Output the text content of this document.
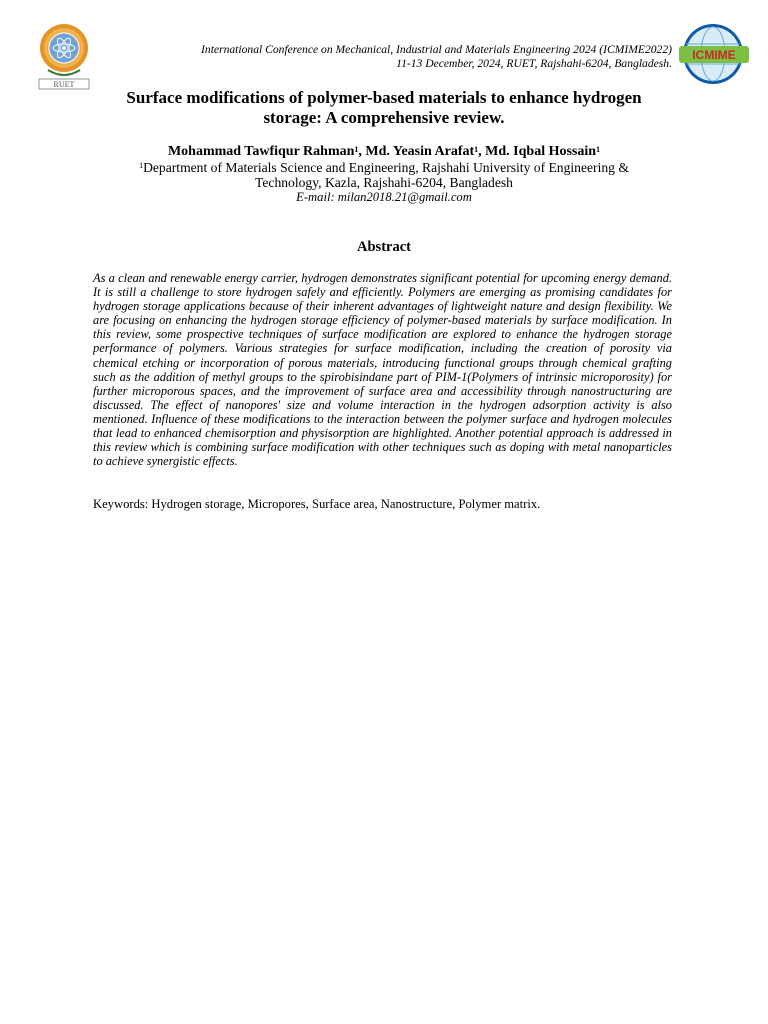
RUET
ICMIME
International Conference on Mechanical, Industrial and Materials Engineering 2024 (ICMIME2022)
11-13 December, 2024, RUET, Rajshahi-6204, Bangladesh.
Surface modifications of polymer-based materials to enhance hydrogen storage: A comprehensive review.
Mohammad Tawfiqur Rahman$^1$, Md. Yeasin Arafat$^1$, Md. Iqbal Hossain$^1$
$^1$Department of Materials Science and Engineering, Rajshahi University of Engineering & Technology, Kazla, Rajshahi-6204, Bangladesh
E-mail: milan2018.21@gmail.com
Abstract
As a clean and renewable energy carrier, hydrogen demonstrates significant potential for upcoming energy demand. It is still a challenge to store hydrogen safely and efficiently. Polymers are emerging as promising candidates for hydrogen storage applications because of their inherent advantages of lightweight nature and design flexibility. We are focusing on enhancing the hydrogen storage efficiency of polymer-based materials by surface modification. In this review, some prospective techniques of surface modification are explored to enhance the hydrogen storage performance of polymers. Various strategies for surface modification, including the creation of porosity via chemical etching or incorporation of porous materials, introducing functional groups through chemical grafting such as the addition of methyl groups to the spirobisindane part of PIM-1(Polymers of intrinsic microporosity) for further microporous spaces, and the improvement of surface area and accessibility through nanostructuring are discussed. The effect of nanopores' size and volume interaction in the hydrogen adsorption activity is also mentioned. Influence of these modifications to the interaction between the polymer surface and hydrogen molecules that lead to enhanced chemisorption and physisorption are highlighted. Another potential approach is addressed in this review which is combining surface modification with other techniques such as doping with metal nanoparticles to achieve synergistic effects.
Keywords: Hydrogen storage, Micropores, Surface area, Nanostructure, Polymer matrix.
